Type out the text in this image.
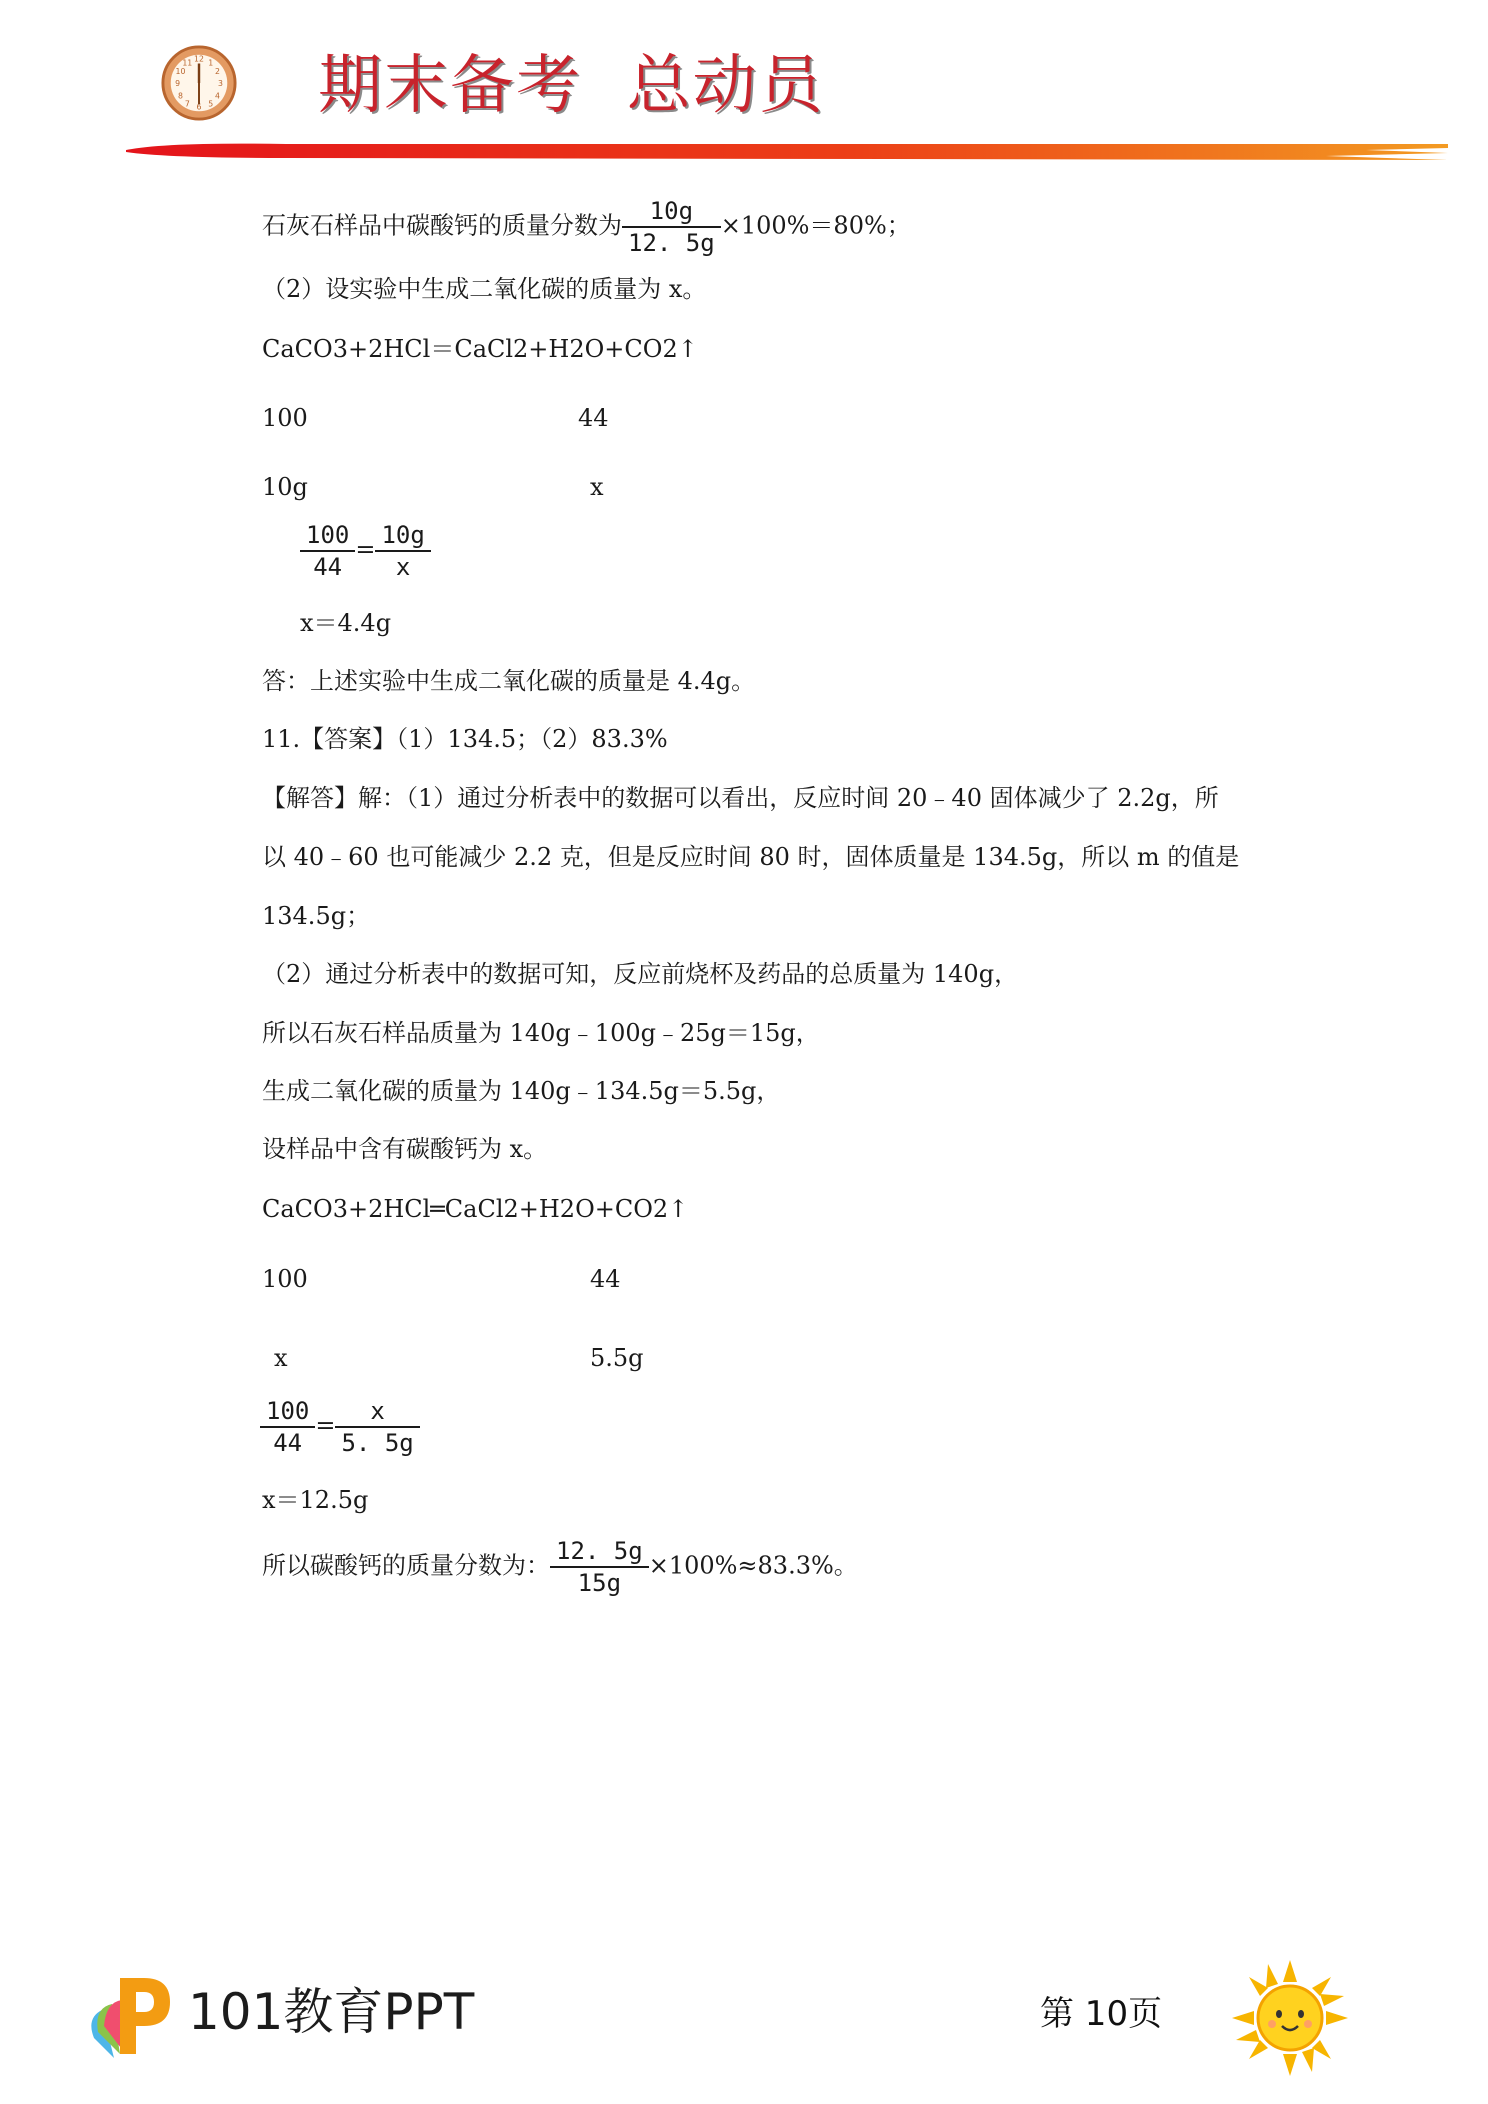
12
3
6
9
1
2
4
5
7
8
10
11 期末备考  总动员
石灰石样品中碳酸钙的质量分数为 $\frac{10g}{12. 5g} \times 100\%=80\%$；
（2）设实验中生成二氧化碳的质量为 x。
CaCO3+2HCl＝CaCl2+H2O+CO2↑
100	44
10g	x
$\frac{100}{44} = \frac{10g}{x}$
x＝4.4g
答：上述实验中生成二氧化碳的质量是 4.4g。
11.【答案】（1）134.5；（2）83.3%
【解答】解：（1）通过分析表中的数据可以看出，反应时间 20﹣40 固体减少了 2.2g，所
以 40﹣60 也可能减少 2.2 克，但是反应时间 80 时，固体质量是 134.5g，所以 m 的值是
134.5g；
（2）通过分析表中的数据可知，反应前烧杯及药品的总质量为 140g，
所以石灰石样品质量为 140g﹣100g﹣25g＝15g，
生成二氧化碳的质量为 140g﹣134.5g＝5.5g，
设样品中含有碳酸钙为 x。
CaCO3+2HCl═CaCl2+H2O+CO2↑
100	44
x	5.5g
$\frac{100}{44} = \frac{x}{5. 5g}$
x＝12.5g
所以碳酸钙的质量分数为： $\frac{12. 5g}{15g} \times 100\%\approx 83.3\%$。
101教育PPT	第 10页
